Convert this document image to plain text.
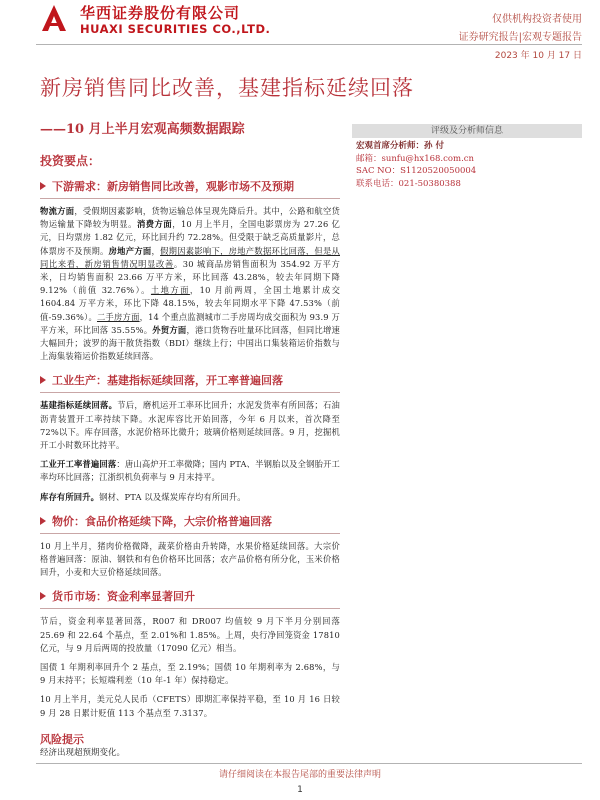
华西证券股份有限公司
HUAXI SECURITIES CO.,LTD.
仅供机构投资者使用
证券研究报告|宏观专题报告
2023 年 10 月 17 日
新房销售同比改善，基建指标延续回落
——10 月上半月宏观高频数据跟踪	评级及分析师信息
宏观首席分析师：孙 付
邮箱：sunfu@hx168.com.cn
SAC NO：S1120520050004
联系电话：021-50380388
投资要点：
下游需求：新房销售同比改善，观影市场不及预期
物流方面，受假期因素影响，货物运输总体呈现先降后升。其中，公路和航空货物运输量下降较为明显。消费方面，10 月上半月，全国电影票房为 27.26 亿元，日均票房 1.82 亿元，环比回升约 72.28%。但受限于缺乏高质量影片，总体票房不及预期。房地产方面，假期因素影响下，房地产数据环比回落，但是从同比来看，新房销售情况明显改善。30 城商品房销售面积为 354.92 万平方米，日均销售面积 23.66 万平方米，环比回落 43.28%，较去年同期下降 9.12%（前值 32.76%）。土地方面，10 月前两周，全国土地累计成交 1604.84 万平方米，环比下降 48.15%，较去年同期水平下降 47.53%（前值-59.36%）。二手房方面，14 个重点监测城市二手房周均成交面积为 93.9 万平方米，环比回落 35.55%。外贸方面，港口货物吞吐量环比回落，但同比增速大幅回升；波罗的海干散货指数（BDI）继续上行；中国出口集装箱运价指数与上海集装箱运价指数延续回落。
工业生产：基建指标延续回落，开工率普遍回落
基建指标延续回落。节后，磨机运开工率环比回升；水泥发货率有所回落；石油沥青装置开工率持续下降。水泥库容比开始回落，今年 6 月以来，首次降至 72%以下。库存回落，水泥价格环比微升；玻璃价格则延续回落。9 月，挖掘机开工小时数环比持平。
工业开工率普遍回落：唐山高炉开工率微降；国内 PTA、半钢胎以及全钢胎开工率均环比回落；江浙织机负荷率与 9 月末持平。
库存有所回升。钢材、PTA 以及煤炭库存均有所回升。
物价：食品价格延续下降，大宗价格普遍回落
10 月上半月，猪肉价格微降，蔬菜价格由升转降，水果价格延续回落。大宗价格普遍回落：原油、钢铁和有色价格环比回落；农产品价格有所分化，玉米价格回升，小麦和大豆价格延续回落。
货币市场：资金利率显著回升
节后，资金利率显著回落，R007 和 DR007 均值较 9 月下半月分别回落 25.69 和 22.64 个基点，至 2.01%和 1.85%。上周，央行净回笼资金 17810 亿元，与 9 月后两周的投放量（17090 亿元）相当。
国债 1 年期利率回升个 2 基点，至 2.19%；国债 10 年期利率为 2.68%，与 9 月末持平；长短端利差（10 年-1 年）保持稳定。
10 月上半月，美元兑人民币（CFETS）即期汇率保持平稳，至 10 月 16 日较 9 月 28 日累计贬值 113 个基点至 7.3137。
风险提示
经济出现超预期变化。
请仔细阅读在本报告尾部的重要法律声明
1
